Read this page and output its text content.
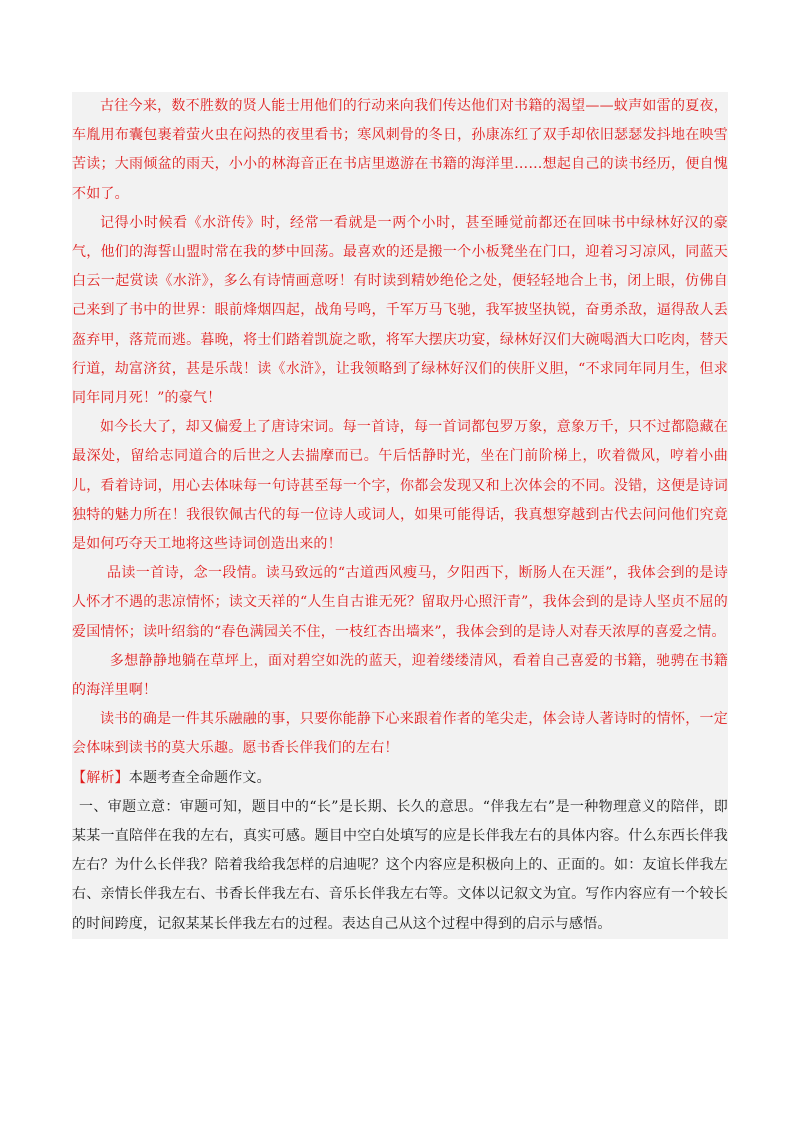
古往今来，数不胜数的贤人能士用他们的行动来向我们传达他们对书籍的渴望——蚊声如雷的夏夜，车胤用布囊包裹着萤火虫在闷热的夜里看书；寒风刺骨的冬日，孙康冻红了双手却依旧瑟瑟发抖地在映雪苦读；大雨倾盆的雨天，小小的林海音正在书店里遨游在书籍的海洋里……想起自己的读书经历，便自愧不如了。

记得小时候看《水浒传》时，经常一看就是一两个小时，甚至睡觉前都还在回味书中绿林好汉的豪气，他们的海誓山盟时常在我的梦中回荡。最喜欢的还是搬一个小板凳坐在门口，迎着习习凉风，同蓝天白云一起赏读《水浒》，多么有诗情画意呀！有时读到精妙绝伦之处，便轻轻地合上书，闭上眼，仿佛自己来到了书中的世界：眼前烽烟四起，战角号鸣，千军万马飞驰，我军披坚执锐，奋勇杀敌，逼得敌人丢盔弃甲，落荒而逃。暮晚，将士们踏着凯旋之歌，将军大摆庆功宴，绿林好汉们大碗喝酒大口吃肉，替天行道，劫富济贫，甚是乐哉！读《水浒》，让我领略到了绿林好汉们的侠肝义胆，“不求同年同月生，但求同年同月死！”的豪气！

如今长大了，却又偏爱上了唐诗宋词。每一首诗，每一首词都包罗万象，意象万千，只不过都隐藏在最深处，留给志同道合的后世之人去揣摩而已。午后恬静时光，坐在门前阶梯上，吹着微风，哼着小曲儿，看着诗词，用心去体味每一句诗甚至每一个字，你都会发现又和上次体会的不同。没错，这便是诗词独特的魅力所在！我很钦佩古代的每一位诗人或词人，如果可能得话，我真想穿越到古代去问问他们究竟是如何巧夺天工地将这些诗词创造出来的！

品读一首诗，念一段情。读马致远的“古道西风瘦马，夕阳西下，断肠人在天涯”，我体会到的是诗人怀才不遇的悲凉情怀；读文天祥的“人生自古谁无死？留取丹心照汗青”，我体会到的是诗人坚贞不屈的爱国情怀；读叶绍翁的“春色满园关不住，一枝红杏出墙来”，我体会到的是诗人对春天浓厚的喜爱之情。

多想静静地躺在草坪上，面对碧空如洗的蓝天，迎着缕缕清风，看着自己喜爱的书籍，驰骋在书籍的海洋里啊！

读书的确是一件其乐融融的事，只要你能静下心来跟着作者的笔尖走，体会诗人著诗时的情怀，一定会体味到读书的莫大乐趣。愿书香长伴我们的左右！

【解析】本题考查全命题作文。

一、审题立意：审题可知，题目中的“长”是长期、长久的意思。“伴我左右”是一种物理意义的陪伴，即某某一直陪伴在我的左右，真实可感。题目中空白处填写的应是长伴我左右的具体内容。什么东西长伴我左右？为什么长伴我？陪着我给我怎样的启迪呢？这个内容应是积极向上的、正面的。如：友谊长伴我左右、亲情长伴我左右、书香长伴我左右、音乐长伴我左右等。文体以记叙文为宜。写作内容应有一个较长的时间跨度，记叙某某长伴我左右的过程。表达自己从这个过程中得到的启示与感悟。
